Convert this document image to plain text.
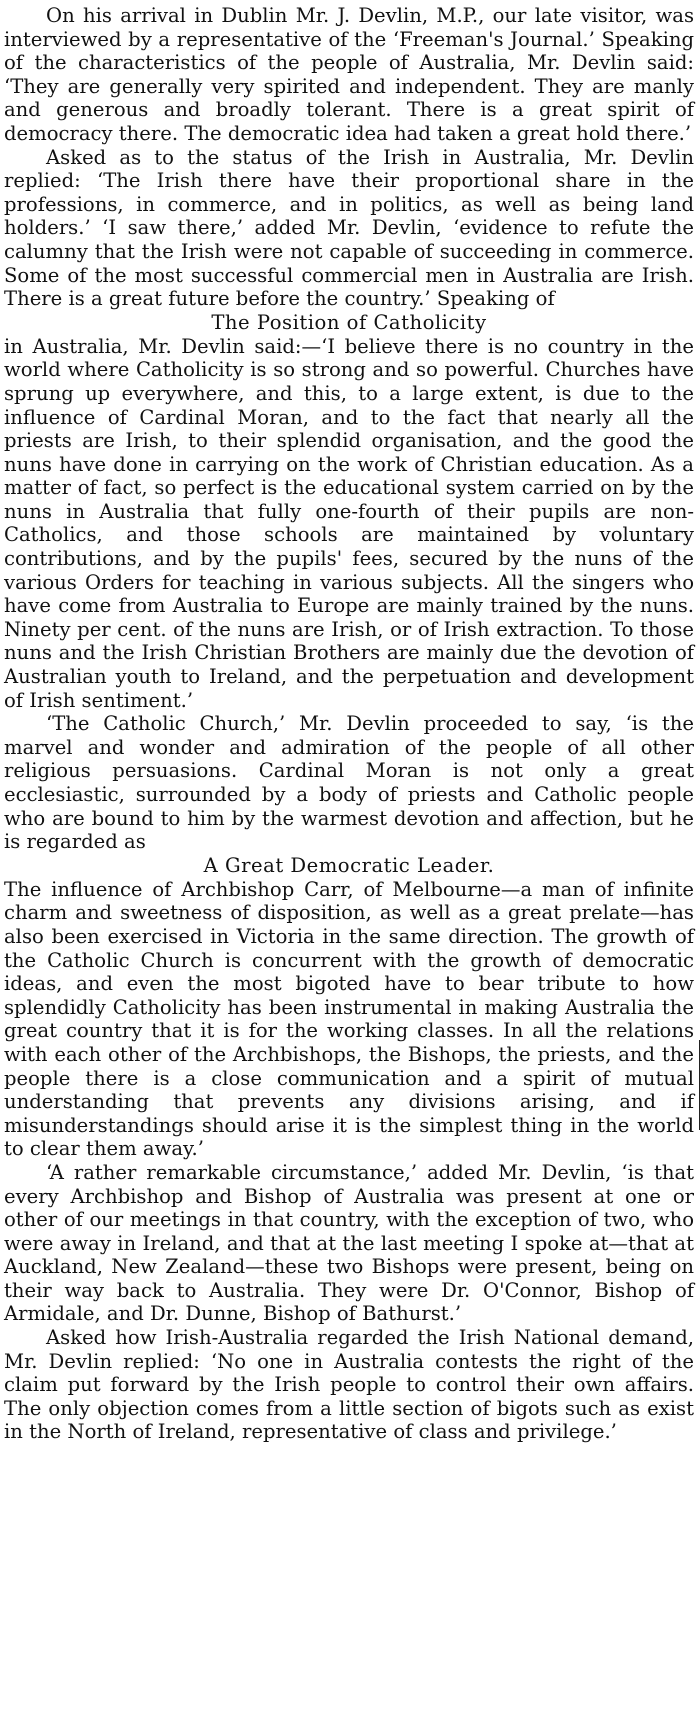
On his arrival in Dublin Mr. J. Devlin, M.P., our late visitor, was interviewed by a representative of the ‘Freeman's Journal.’ Speaking of the characteristics of the people of Australia, Mr. Devlin said: ‘They are generally very spirited and independent. They are manly and generous and broadly tolerant. There is a great spirit of democracy there. The democratic idea had taken a great hold there.’

Asked as to the status of the Irish in Australia, Mr. Devlin replied: ‘The Irish there have their proportional share in the professions, in commerce, and in politics, as well as being land holders.’ ‘I saw there,’ added Mr. Devlin, ‘evidence to refute the calumny that the Irish were not capable of succeeding in commerce. Some of the most successful commercial men in Australia are Irish. There is a great future before the country.’ Speaking of

The Position of Catholicity

in Australia, Mr. Devlin said:—‘I believe there is no country in the world where Catholicity is so strong and so powerful. Churches have sprung up everywhere, and this, to a large extent, is due to the influence of Cardinal Moran, and to the fact that nearly all the priests are Irish, to their splendid organisation, and the good the nuns have done in carrying on the work of Christian education. As a matter of fact, so perfect is the educational system carried on by the nuns in Australia that fully one-fourth of their pupils are non-Catholics, and those schools are maintained by voluntary contributions, and by the pupils' fees, secured by the nuns of the various Orders for teaching in various subjects. All the singers who have come from Australia to Europe are mainly trained by the nuns. Ninety per cent. of the nuns are Irish, or of Irish extraction. To those nuns and the Irish Christian Brothers are mainly due the devotion of Australian youth to Ireland, and the perpetuation and development of Irish sentiment.’

‘The Catholic Church,’ Mr. Devlin proceeded to say, ‘is the marvel and wonder and admiration of the people of all other religious persuasions. Cardinal Moran is not only a great ecclesiastic, surrounded by a body of priests and Catholic people who are bound to him by the warmest devotion and affection, but he is regarded as

A Great Democratic Leader.

The influence of Archbishop Carr, of Melbourne—a man of infinite charm and sweetness of disposition, as well as a great prelate—has also been exercised in Victoria in the same direction. The growth of the Catholic Church is concurrent with the growth of democratic ideas, and even the most bigoted have to bear tribute to how splendidly Catholicity has been instrumental in making Australia the great country that it is for the working classes. In all the relations with each other of the Archbishops, the Bishops, the priests, and the people there is a close communication and a spirit of mutual understanding that prevents any divisions arising, and if misunderstandings should arise it is the simplest thing in the world to clear them away.’

‘A rather remarkable circumstance,’ added Mr. Devlin, ‘is that every Archbishop and Bishop of Australia was present at one or other of our meetings in that country, with the exception of two, who were away in Ireland, and that at the last meeting I spoke at—that at Auckland, New Zealand—these two Bishops were present, being on their way back to Australia. They were Dr. O'Connor, Bishop of Armidale, and Dr. Dunne, Bishop of Bathurst.’

Asked how Irish-Australia regarded the Irish National demand, Mr. Devlin replied: ‘No one in Australia contests the right of the claim put forward by the Irish people to control their own affairs. The only objection comes from a little section of bigots such as exist in the North of Ireland, representative of class and privilege.’
